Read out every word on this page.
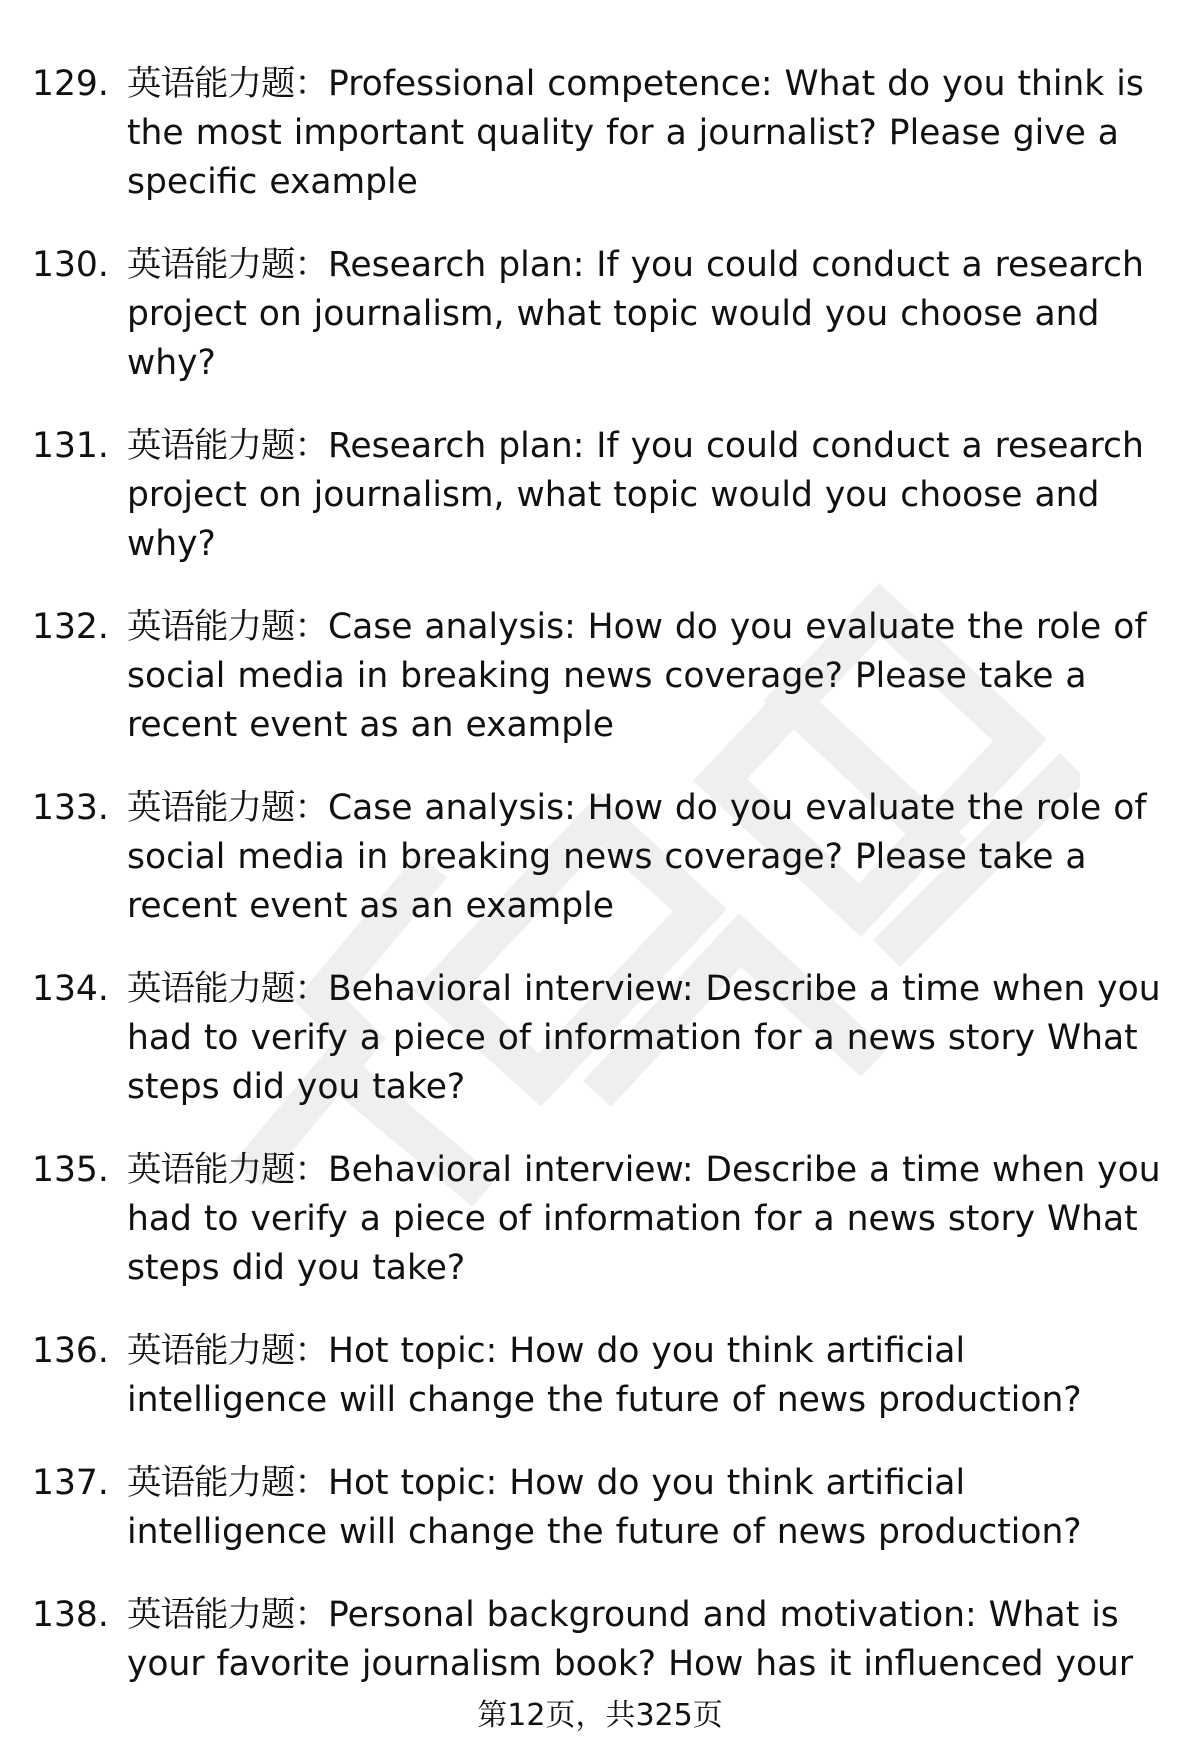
129. 英语能力题：Professional competence: What do you think is the most important quality for a journalist? Please give a specific example
130. 英语能力题：Research plan: If you could conduct a research project on journalism, what topic would you choose and why?
131. 英语能力题：Research plan: If you could conduct a research project on journalism, what topic would you choose and why?
132. 英语能力题：Case analysis: How do you evaluate the role of social media in breaking news coverage? Please take a recent event as an example
133. 英语能力题：Case analysis: How do you evaluate the role of social media in breaking news coverage? Please take a recent event as an example
134. 英语能力题：Behavioral interview: Describe a time when you had to verify a piece of information for a news story What steps did you take?
135. 英语能力题：Behavioral interview: Describe a time when you had to verify a piece of information for a news story What steps did you take?
136. 英语能力题：Hot topic: How do you think artificial intelligence will change the future of news production?
137. 英语能力题：Hot topic: How do you think artificial intelligence will change the future of news production?
138. 英语能力题：Personal background and motivation: What is your favorite journalism book? How has it influenced your
第12页，共325页
